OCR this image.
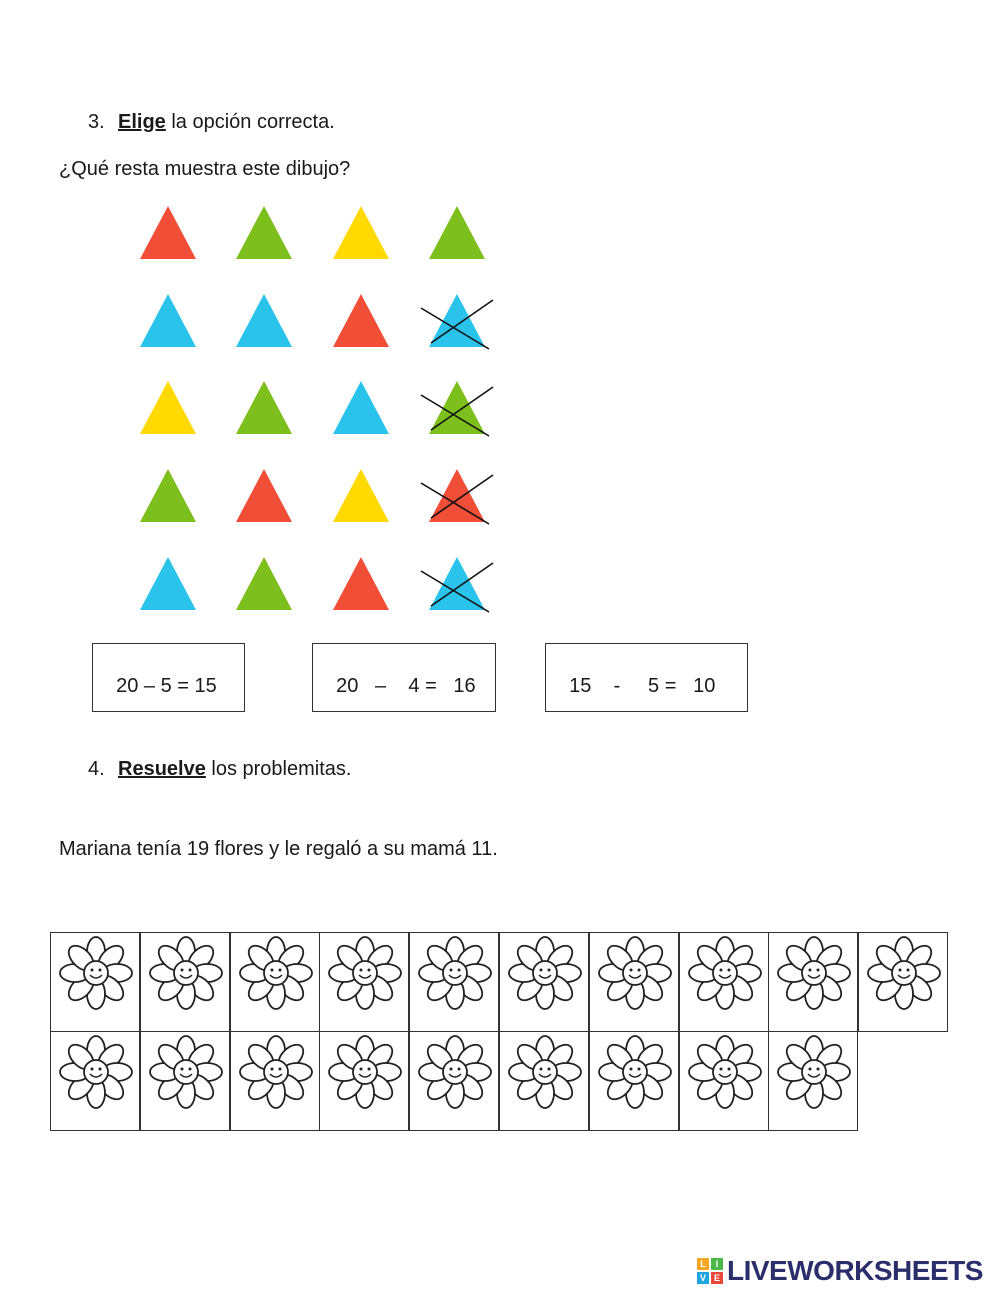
3. Elige la opción correcta.
¿Qué resta muestra este dibujo?

20 – 5 = 15	20   –    4 =   16	15    -     5 =   10

4. Resuelve los problemitas.
Mariana tenía 19 flores y le regaló a su mamá 11.
L	I
V E LIVEWORKSHEETS
